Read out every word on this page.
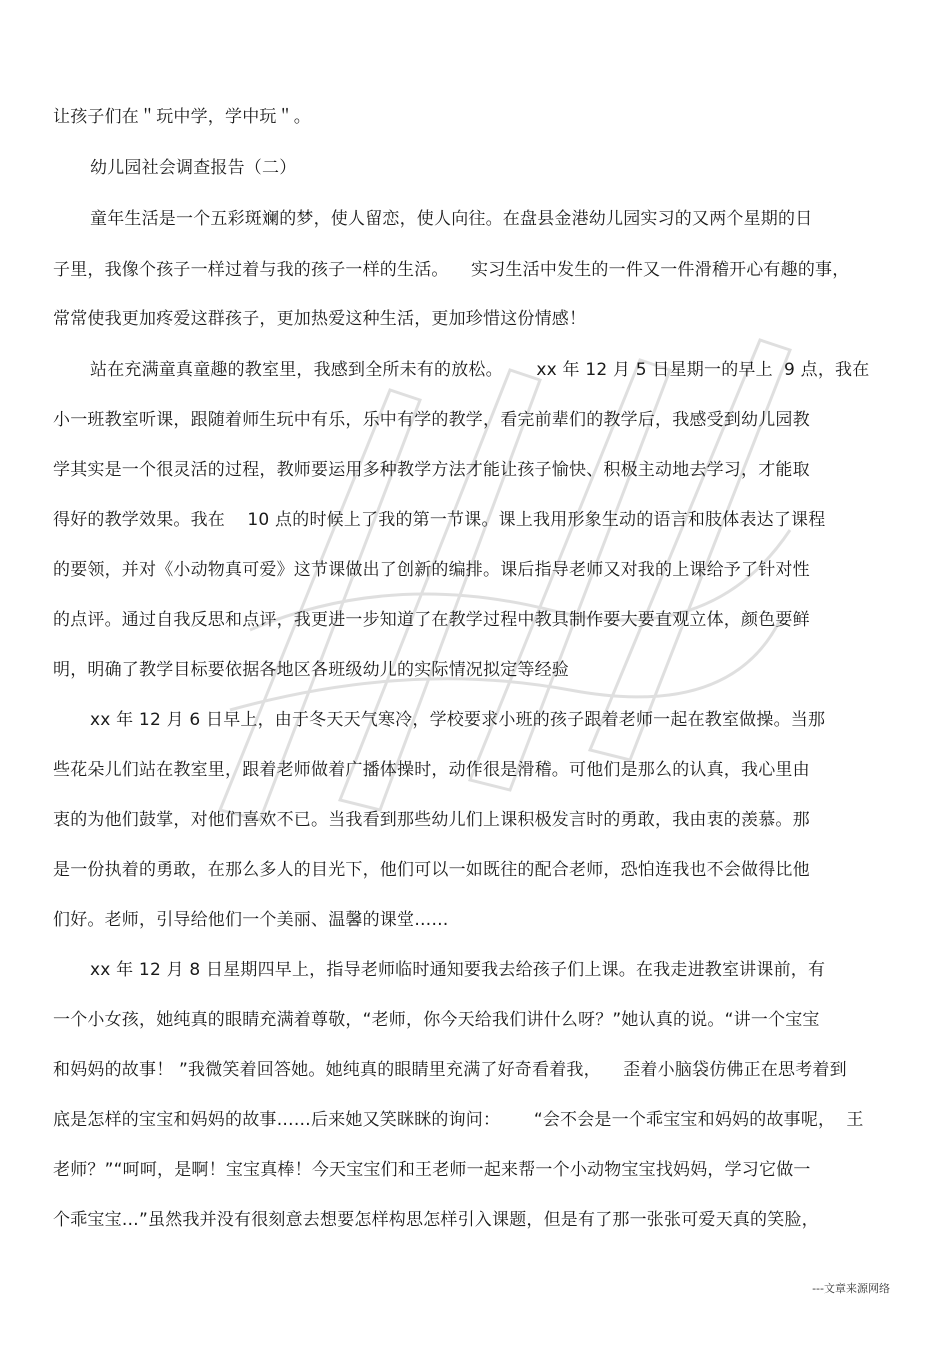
让孩子们在＂玩中学，学中玩＂。
幼儿园社会调查报告（二）
童年生活是一个五彩斑斓的梦，使人留恋，使人向往。在盘县金港幼儿园实习的又两个星期的日
子里，我像个孩子一样过着与我的孩子一样的生活。    实习生活中发生的一件又一件滑稽开心有趣的事，
常常使我更加疼爱这群孩子，更加热爱这种生活，更加珍惜这份情感！
站在充满童真童趣的教室里，我感到全所未有的放松。      xx 年 12 月 5 日星期一的早上  9 点，我在
小一班教室听课，跟随着师生玩中有乐，乐中有学的教学，看完前辈们的教学后，我感受到幼儿园教
学其实是一个很灵活的过程，教师要运用多种教学方法才能让孩子愉快、积极主动地去学习，才能取
得好的教学效果。我在    10 点的时候上了我的第一节课。课上我用形象生动的语言和肢体表达了课程
的要领，并对《小动物真可爱》这节课做出了创新的编排。课后指导老师又对我的上课给予了针对性
的点评。通过自我反思和点评，我更进一步知道了在教学过程中教具制作要大要直观立体，颜色要鲜
明，明确了教学目标要依据各地区各班级幼儿的实际情况拟定等经验
xx 年 12 月 6 日早上，由于冬天天气寒冷，学校要求小班的孩子跟着老师一起在教室做操。当那
些花朵儿们站在教室里，跟着老师做着广播体操时，动作很是滑稽。可他们是那么的认真，我心里由
衷的为他们鼓掌，对他们喜欢不已。当我看到那些幼儿们上课积极发言时的勇敢，我由衷的羡慕。那
是一份执着的勇敢，在那么多人的目光下，他们可以一如既往的配合老师，恐怕连我也不会做得比他
们好。老师，引导给他们一个美丽、温馨的课堂……
xx 年 12 月 8 日星期四早上，指导老师临时通知要我去给孩子们上课。在我走进教室讲课前，有
一个小女孩，她纯真的眼睛充满着尊敬，“老师，你今天给我们讲什么呀？”她认真的说。“讲一个宝宝
和妈妈的故事！ ”我微笑着回答她。她纯真的眼睛里充满了好奇看着我，    歪着小脑袋仿佛正在思考着到
底是怎样的宝宝和妈妈的故事……后来她又笑眯眯的询问：      “会不会是一个乖宝宝和妈妈的故事呢，  王
老师？”“呵呵，是啊！宝宝真棒！今天宝宝们和王老师一起来帮一个小动物宝宝找妈妈，学习它做一
个乖宝宝…”虽然我并没有很刻意去想要怎样构思怎样引入课题，但是有了那一张张可爱天真的笑脸，
---文章来源网络
